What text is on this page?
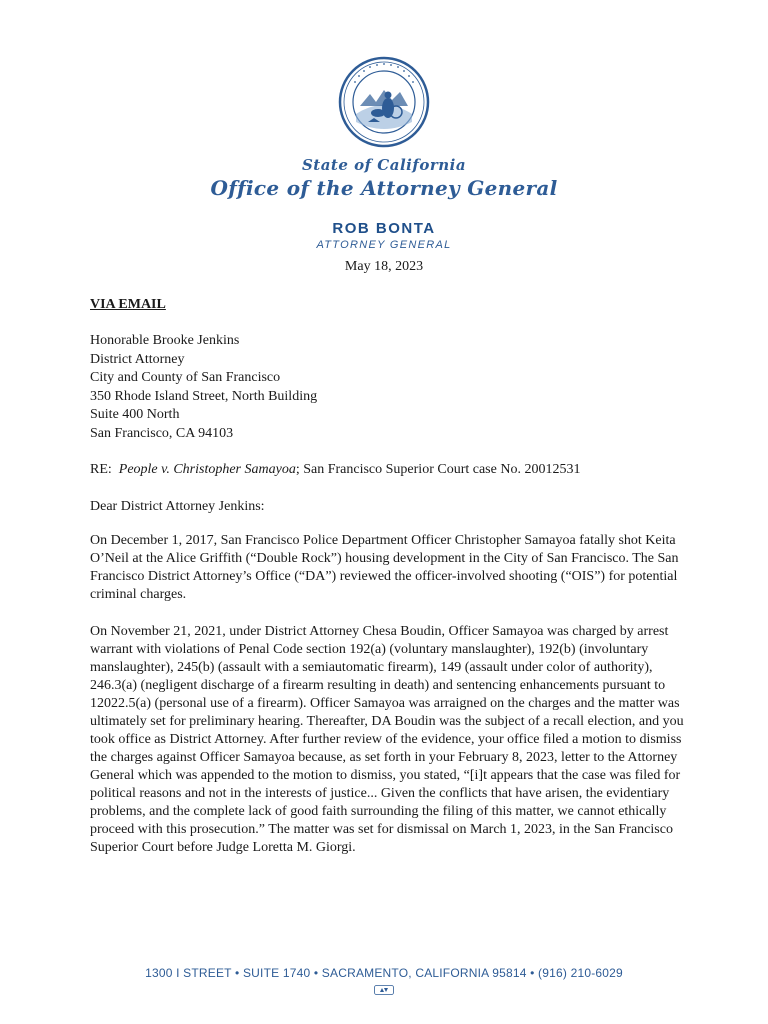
State of California
Office of the Attorney General
ROB BONTA
ATTORNEY GENERAL
May 18, 2023
VIA EMAIL
Honorable Brooke Jenkins
District Attorney
City and County of San Francisco
350 Rhode Island Street, North Building
Suite 400 North
San Francisco, CA 94103
RE: People v. Christopher Samayoa; San Francisco Superior Court case No. 20012531
Dear District Attorney Jenkins:

On December 1, 2017, San Francisco Police Department Officer Christopher Samayoa fatally shot Keita O’Neil at the Alice Griffith (“Double Rock”) housing development in the City of San Francisco. The San Francisco District Attorney’s Office (“DA”) reviewed the officer-involved shooting (“OIS”) for potential criminal charges.

On November 21, 2021, under District Attorney Chesa Boudin, Officer Samayoa was charged by arrest warrant with violations of Penal Code section 192(a) (voluntary manslaughter), 192(b) (involuntary manslaughter), 245(b) (assault with a semiautomatic firearm), 149 (assault under color of authority), 246.3(a) (negligent discharge of a firearm resulting in death) and sentencing enhancements pursuant to 12022.5(a) (personal use of a firearm). Officer Samayoa was arraigned on the charges and the matter was ultimately set for preliminary hearing. Thereafter, DA Boudin was the subject of a recall election, and you took office as District Attorney. After further review of the evidence, your office filed a motion to dismiss the charges against Officer Samayoa because, as set forth in your February 8, 2023, letter to the Attorney General which was appended to the motion to dismiss, you stated, “[i]t appears that the case was filed for political reasons and not in the interests of justice... Given the conflicts that have arisen, the evidentiary problems, and the complete lack of good faith surrounding the filing of this matter, we cannot ethically proceed with this prosecution.” The matter was set for dismissal on March 1, 2023, in the San Francisco Superior Court before Judge Loretta M. Giorgi.

1300 I STREET • SUITE 1740 • SACRAMENTO, CALIFORNIA 95814 • (916) 210-6029
